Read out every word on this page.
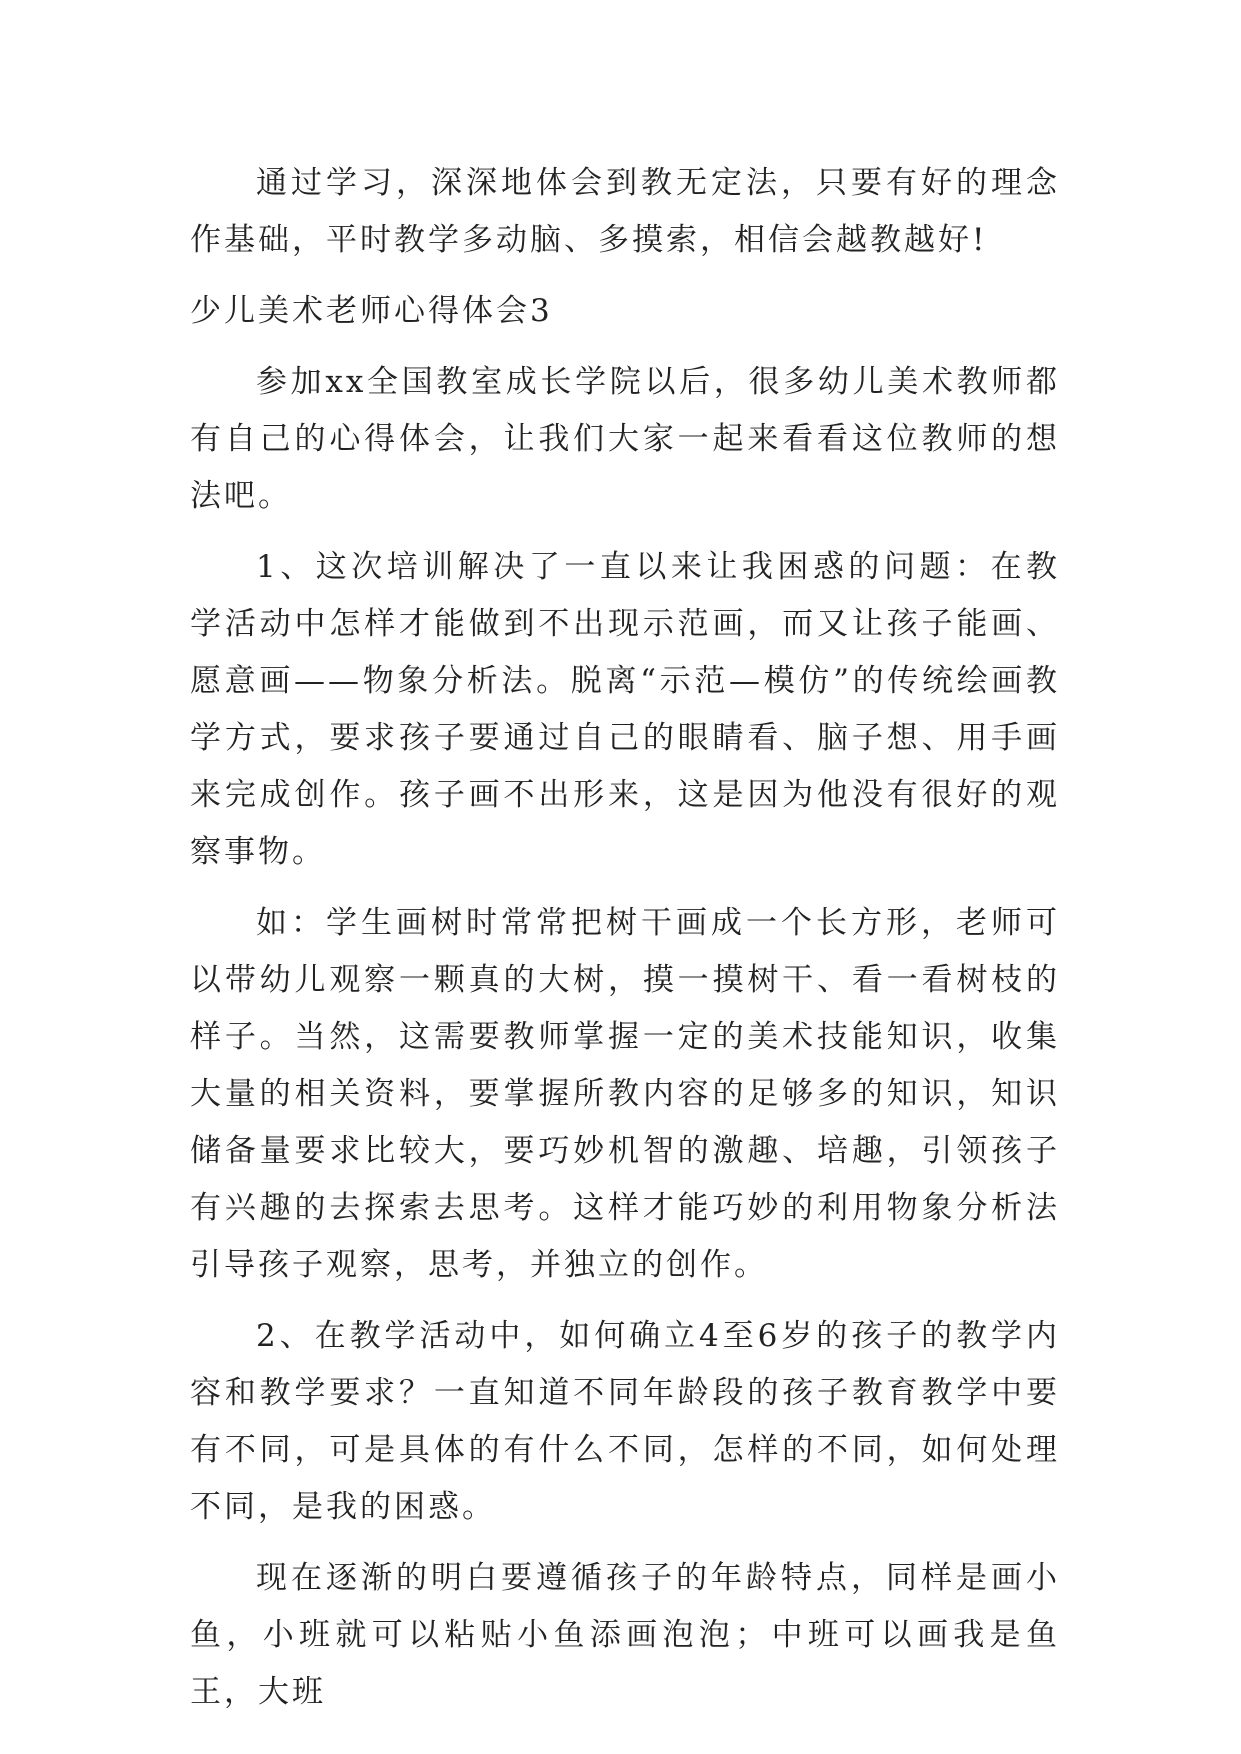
通过学习，深深地体会到教无定法，只要有好的理念作基础，平时教学多动脑、多摸索，相信会越教越好!

少儿美术老师心得体会3

参加xx全国教室成长学院以后，很多幼儿美术教师都有自己的心得体会，让我们大家一起来看看这位教师的想法吧。

1、这次培训解决了一直以来让我困惑的问题：在教学活动中怎样才能做到不出现示范画，而又让孩子能画、愿意画——物象分析法。脱离“示范—模仿”的传统绘画教学方式，要求孩子要通过自己的眼睛看、脑子想、用手画来完成创作。孩子画不出形来，这是因为他没有很好的观察事物。

如：学生画树时常常把树干画成一个长方形，老师可以带幼儿观察一颗真的大树，摸一摸树干、看一看树枝的样子。当然，这需要教师掌握一定的美术技能知识，收集大量的相关资料，要掌握所教内容的足够多的知识，知识储备量要求比较大，要巧妙机智的激趣、培趣，引领孩子有兴趣的去探索去思考。这样才能巧妙的利用物象分析法引导孩子观察，思考，并独立的创作。

2、在教学活动中，如何确立4至6岁的孩子的教学内容和教学要求？一直知道不同年龄段的孩子教育教学中要有不同，可是具体的有什么不同，怎样的不同，如何处理不同，是我的困惑。

现在逐渐的明白要遵循孩子的年龄特点，同样是画小鱼，小班就可以粘贴小鱼添画泡泡；中班可以画我是鱼王，大班
